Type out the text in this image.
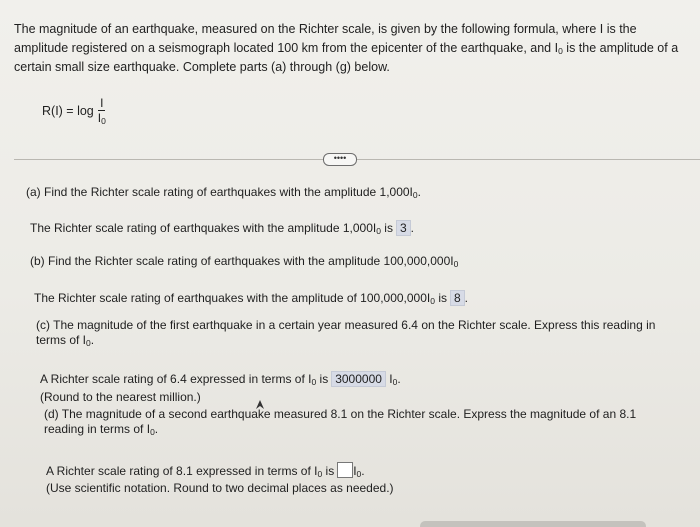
The magnitude of an earthquake, measured on the Richter scale, is given by the following formula, where I is the amplitude registered on a seismograph located 100 km from the epicenter of the earthquake, and $I_0$ is the amplitude of a certain small size earthquake. Complete parts (a) through (g) below.
$R(I) = \log \frac{I}{I_0}$
••••
(a) Find the Richter scale rating of earthquakes with the amplitude $1,000I_0$.
The Richter scale rating of earthquakes with the amplitude $1,000I_0$ is 3 .
(b) Find the Richter scale rating of earthquakes with the amplitude $100,000,000I_0$
The Richter scale rating of earthquakes with the amplitude of $100,000,000I_0$ is 8 .
(c) The magnitude of the first earthquake in a certain year measured 6.4 on the Richter scale. Express this reading in terms of $I_0$.
A Richter scale rating of 6.4 expressed in terms of $I_0$ is 3000000 $I_0$.
(Round to the nearest million.)
(d) The magnitude of a second earthquake measured 8.1 on the Richter scale. Express the magnitude of an 8.1 reading in terms of $I_0$.
A Richter scale rating of 8.1 expressed in terms of $I_0$ is $I_0$.
(Use scientific notation. Round to two decimal places as needed.)
